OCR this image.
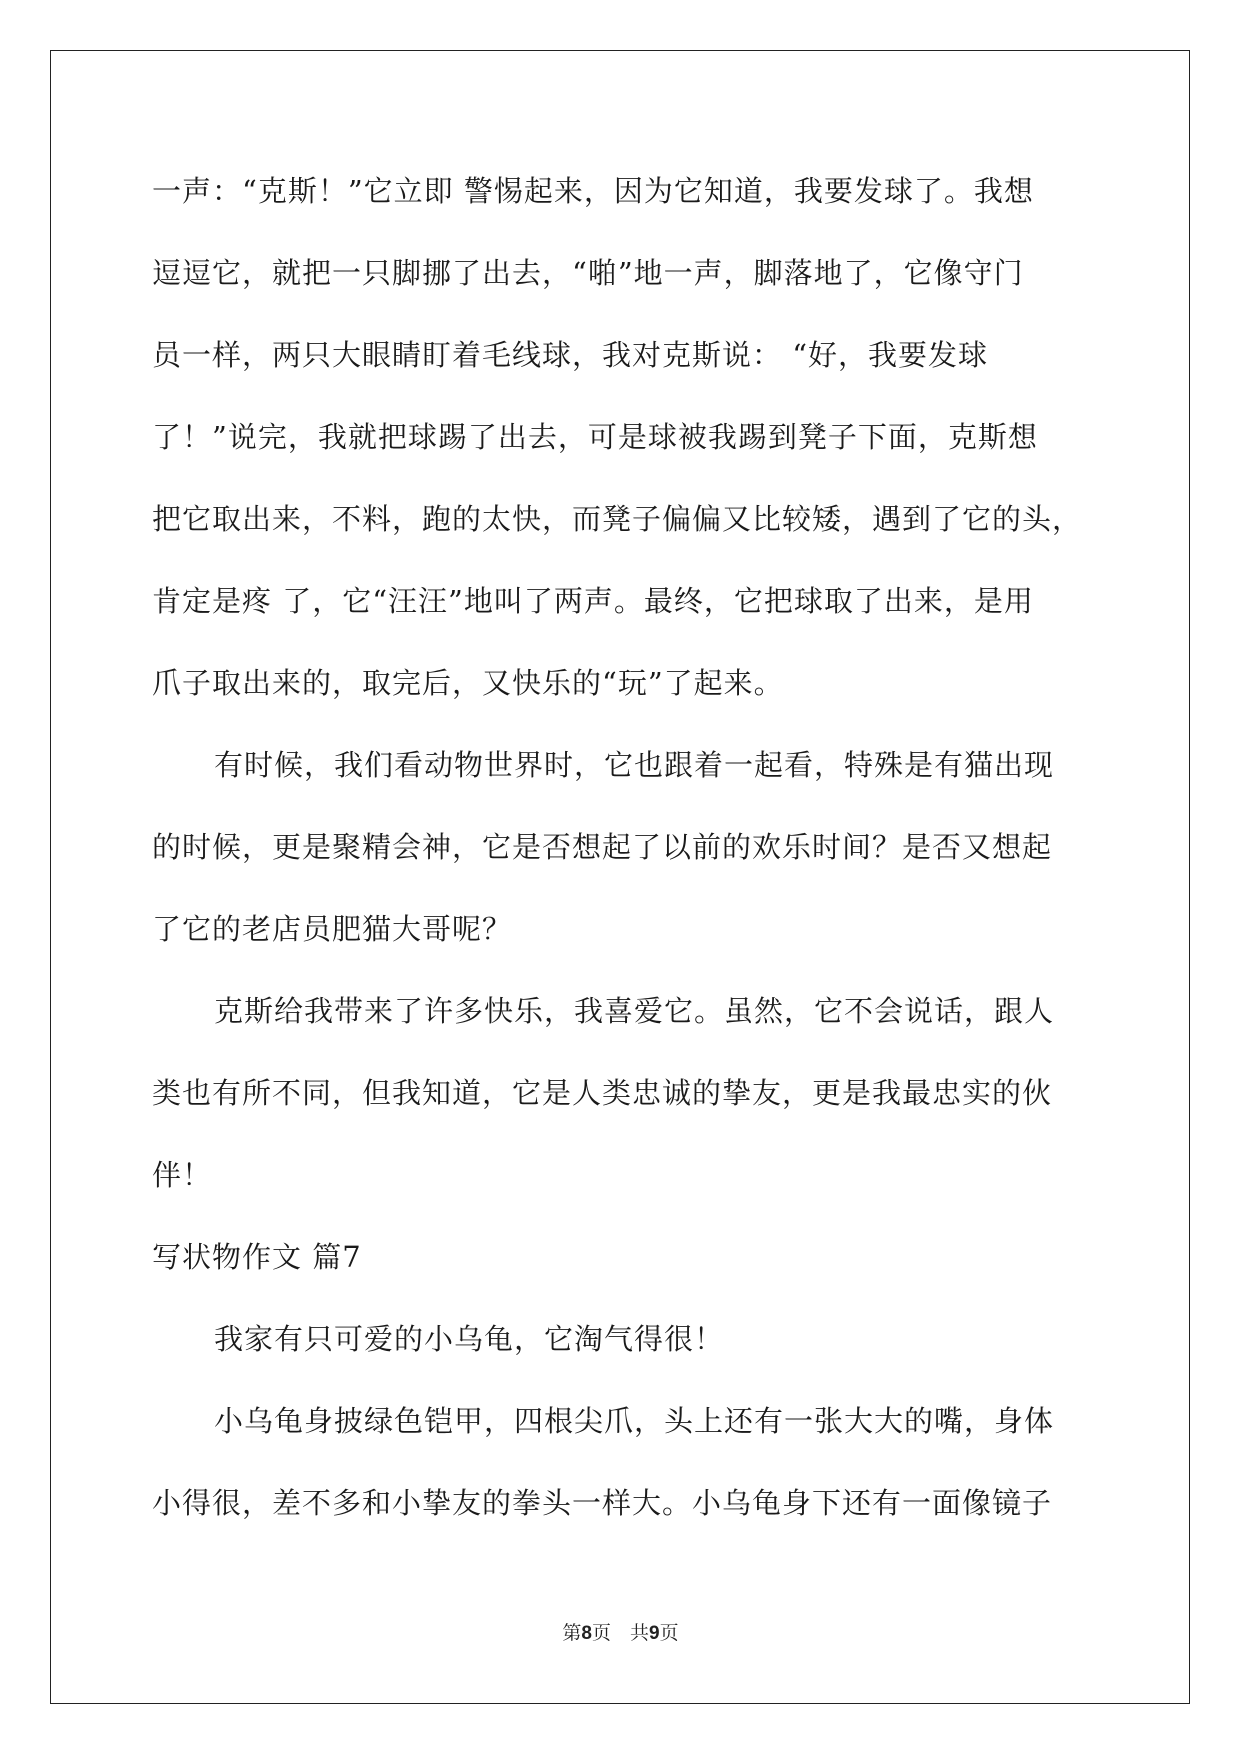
一声：“克斯！”它立即 警惕起来，因为它知道，我要发球了。我想
逗逗它，就把一只脚挪了出去，“啪”地一声，脚落地了，它像守门
员一样，两只大眼睛盯着毛线球，我对克斯说： “好，我要发球
了！”说完，我就把球踢了出去，可是球被我踢到凳子下面，克斯想
把它取出来，不料，跑的太快，而凳子偏偏又比较矮，遇到了它的头，
肯定是疼 了，它“汪汪”地叫了两声。最终，它把球取了出来，是用
爪子取出来的，取完后，又快乐的“玩”了起来。
有时候，我们看动物世界时，它也跟着一起看，特殊是有猫出现
的时候，更是聚精会神，它是否想起了以前的欢乐时间？是否又想起
了它的老店员肥猫大哥呢？
克斯给我带来了许多快乐，我喜爱它。虽然，它不会说话，跟人
类也有所不同，但我知道，它是人类忠诚的挚友，更是我最忠实的伙
伴！
写状物作文 篇7
我家有只可爱的小乌龟，它淘气得很！
小乌龟身披绿色铠甲，四根尖爪，头上还有一张大大的嘴，身体
小得很，差不多和小挚友的拳头一样大。小乌龟身下还有一面像镜子
第8页　共9页
